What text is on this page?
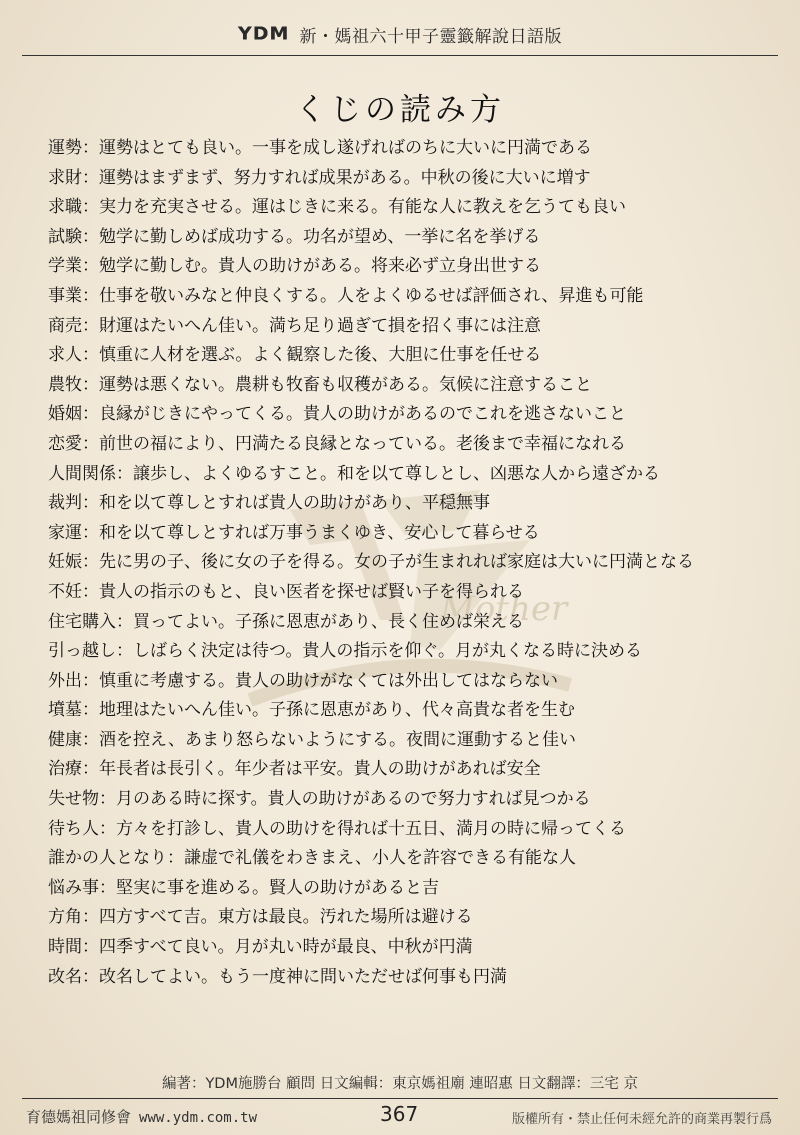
Mother
YDM 新・媽祖六十甲子靈籤解說日語版
くじの読み方
運勢：運勢はとても良い。一事を成し遂げればのちに大いに円満である
求財：運勢はまずまず、努力すれば成果がある。中秋の後に大いに増す
求職：実力を充実させる。運はじきに来る。有能な人に教えを乞うても良い
試験：勉学に勤しめば成功する。功名が望め、一挙に名を挙げる
学業：勉学に勤しむ。貴人の助けがある。将来必ず立身出世する
事業：仕事を敬いみなと仲良くする。人をよくゆるせば評価され、昇進も可能
商売：財運はたいへん佳い。満ち足り過ぎて損を招く事には注意
求人：慎重に人材を選ぶ。よく観察した後、大胆に仕事を任せる
農牧：運勢は悪くない。農耕も牧畜も収穫がある。気候に注意すること
婚姻：良縁がじきにやってくる。貴人の助けがあるのでこれを逃さないこと
恋愛：前世の福により、円満たる良縁となっている。老後まで幸福になれる
人間関係：譲歩し、よくゆるすこと。和を以て尊しとし、凶悪な人から遠ざかる
裁判：和を以て尊しとすれば貴人の助けがあり、平穏無事
家運：和を以て尊しとすれば万事うまくゆき、安心して暮らせる
妊娠：先に男の子、後に女の子を得る。女の子が生まれれば家庭は大いに円満となる
不妊：貴人の指示のもと、良い医者を探せば賢い子を得られる
住宅購入：買ってよい。子孫に恩恵があり、長く住めば栄える
引っ越し：しばらく決定は待つ。貴人の指示を仰ぐ。月が丸くなる時に決める
外出：慎重に考慮する。貴人の助けがなくては外出してはならない
墳墓：地理はたいへん佳い。子孫に恩恵があり、代々高貴な者を生む
健康：酒を控え、あまり怒らないようにする。夜間に運動すると佳い
治療：年長者は長引く。年少者は平安。貴人の助けがあれば安全
失せ物：月のある時に探す。貴人の助けがあるので努力すれば見つかる
待ち人：方々を打診し、貴人の助けを得れば十五日、満月の時に帰ってくる
誰かの人となり：謙虚で礼儀をわきまえ、小人を許容できる有能な人
悩み事：堅実に事を進める。賢人の助けがあると吉
方角：四方すべて吉。東方は最良。汚れた場所は避ける
時間：四季すべて良い。月が丸い時が最良、中秋が円満
改名：改名してよい。もう一度神に問いただせば何事も円満
編著：YDM施勝台 顧問 日文編輯：東京媽祖廟 連昭惠 日文翻譯：三宅 京
育德媽祖同修會 www.ydm.com.tw	367	版權所有・禁止任何未經允許的商業再製行爲
